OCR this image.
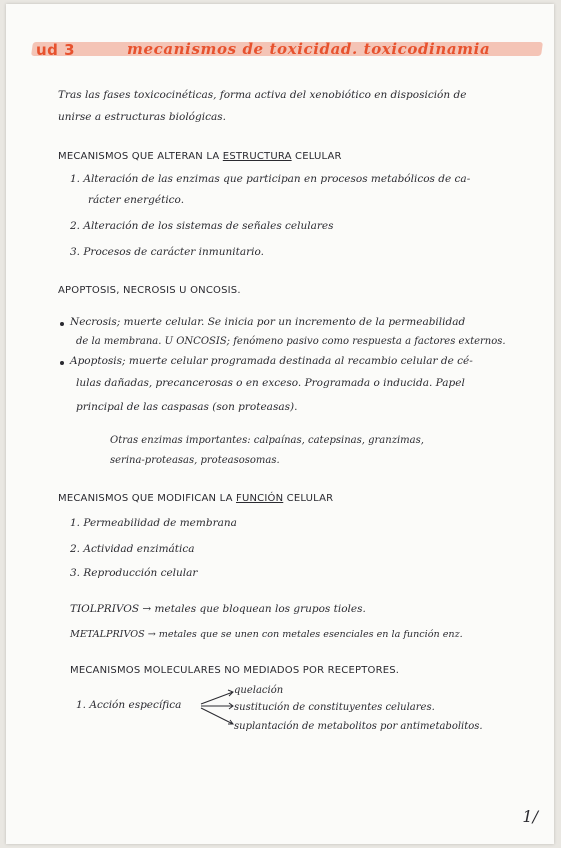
ud 3	mecanismos de toxicidad. toxicodinamia
Tras las fases toxicocinéticas, forma activa del xenobiótico en disposición de
unirse a estructuras biológicas.
MECANISMOS QUE ALTERAN LA ESTRUCTURA CELULAR
1. Alteración de las enzimas que participan en procesos metabólicos de ca-
rácter energético.
2. Alteración de los sistemas de señales celulares
3. Procesos de carácter inmunitario.
APOPTOSIS, NECROSIS U ONCOSIS.
Necrosis; muerte celular. Se inicia por un incremento de la permeabilidad
de la membrana. U ONCOSIS; fenómeno pasivo como respuesta a factores externos.
Apoptosis; muerte celular programada destinada al recambio celular de cé-
lulas dañadas, precancerosas o en exceso. Programada o inducida. Papel
principal de las caspasas (son proteasas).
Otras enzimas importantes: calpaínas, catepsinas, granzimas,
serina-proteasas, proteasosomas.
MECANISMOS QUE MODIFICAN LA FUNCIÓN CELULAR
1. Permeabilidad de membrana
2. Actividad enzimática
3. Reproducción celular
TIOLPRIVOS → metales que bloquean los grupos tioles.
METALPRIVOS → metales que se unen con metales esenciales en la función enz.
MECANISMOS MOLECULARES NO MEDIADOS POR RECEPTORES.
1. Acción específica
quelación
sustitución de constituyentes celulares.
suplantación de metabolitos por antimetabolitos.
1/
